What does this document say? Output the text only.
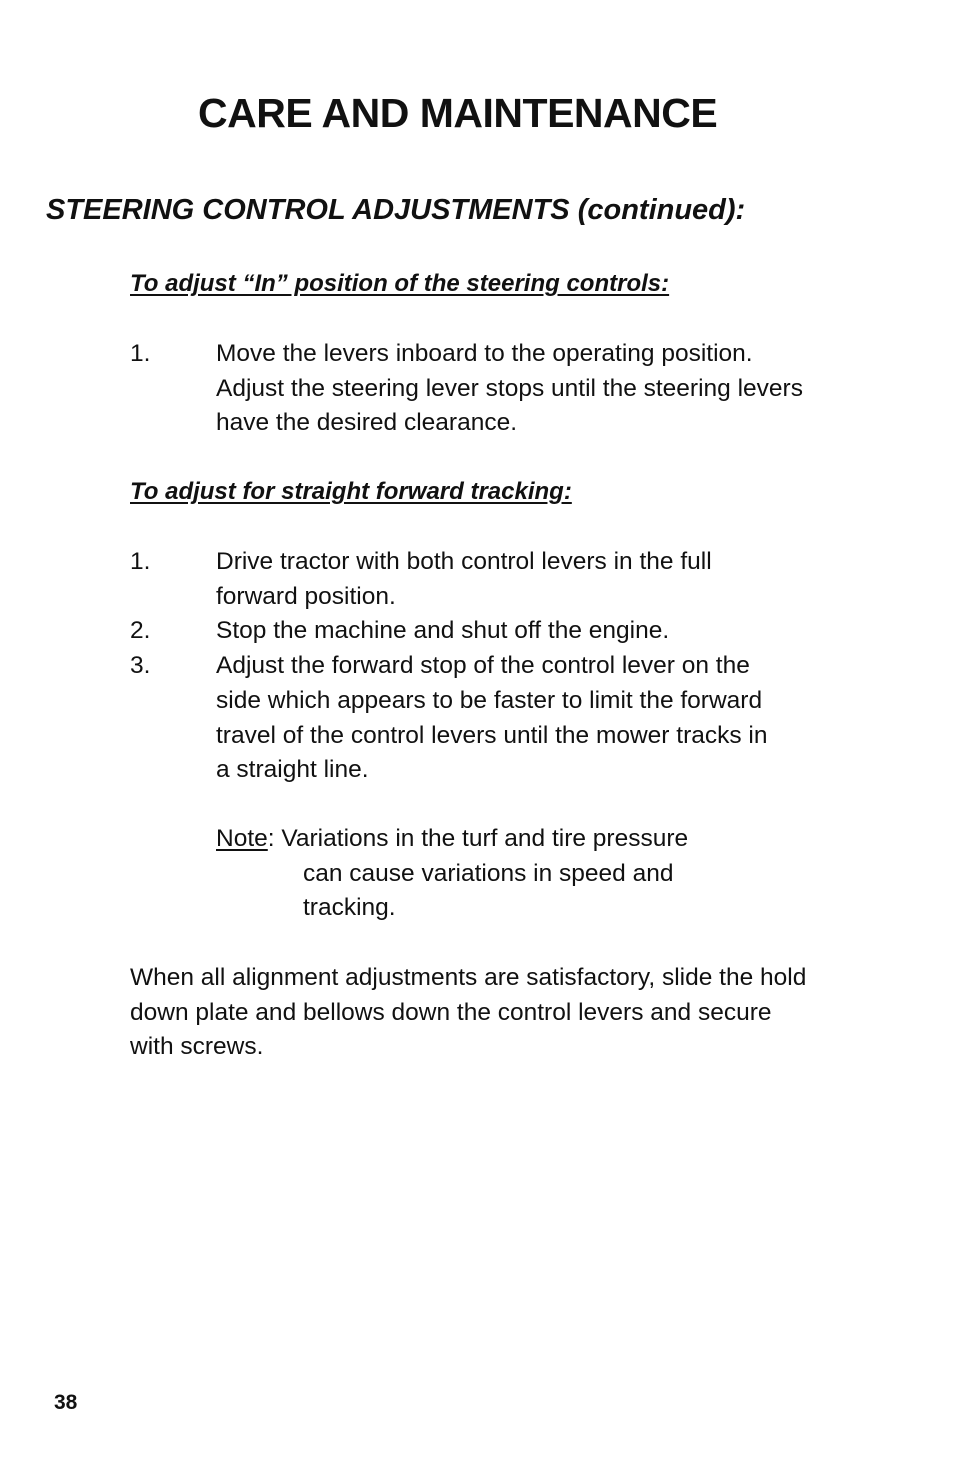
CARE AND MAINTENANCE
STEERING CONTROL ADJUSTMENTS (continued):
To adjust “In” position of the steering controls:
1.	Move the levers inboard to the operating position. Adjust the steering lever stops until the steering levers have the desired clearance.
To adjust for straight forward tracking:
1.	Drive tractor with both control levers in the full forward position.
2.	Stop the machine and shut off the engine.
3.	Adjust the forward stop of the control lever on the side which appears to be faster to limit the forward travel of the control levers until the mower tracks in a straight line.

Note: Variations in the turf and tire pressure
can cause variations in speed and
tracking.

When all alignment adjustments are satisfactory, slide the hold down plate and bellows down the control levers and secure with screws.

38
